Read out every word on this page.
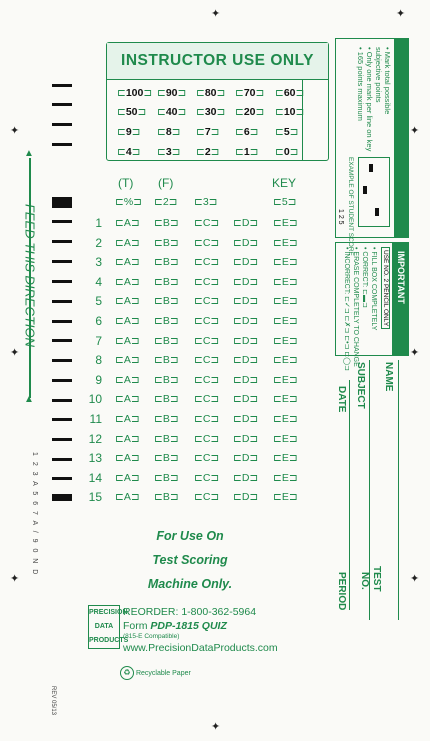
✦
✦
✦
✦
✦
✦
✦
✦
✦
▲
▲
FEED THIS DIRECTION
1 2 3 A 5 6 7 A / 9 0 N D
INSTRUCTOR USE ONLY
⊏100⊐ ⊏90⊐ ⊏80⊐ ⊏70⊐ ⊏60⊐
⊏50⊐ ⊏40⊐ ⊏30⊐ ⊏20⊐ ⊏10⊐
⊏9⊐ ⊏8⊐ ⊏7⊐ ⊏6⊐ ⊏5⊐
⊏4⊐ ⊏3⊐ ⊏2⊐ ⊏1⊐ ⊏0⊐
• Mark total possible
subjective points
• Only one mark per line on key
• 165 points maximum
EXAMPLE OF STUDENT SCORE
1 2 5
IMPORTANT
USE NO. 2 PENCIL ONLY
• FILL BOX COMPLETELY
• CORRECT: ⊏▬⊐
• ERASE COMPLETELY TO CHANGE
• INCORRECT: ⊏✓⊐ ⊏✗⊐ ⊏•⊐ ⊏◯⊐
NAME
SUBJECT
DATE
TEST
NO.
PERIOD
(T) (F)	KEY
⊏%⊐ ⊏2⊐ ⊏3⊐	⊏5⊐
1 ⊏A⊐ ⊏B⊐ ⊏C⊐ ⊏D⊐ ⊏E⊐
2 ⊏A⊐ ⊏B⊐ ⊏C⊐ ⊏D⊐ ⊏E⊐
3 ⊏A⊐ ⊏B⊐ ⊏C⊐ ⊏D⊐ ⊏E⊐
4 ⊏A⊐ ⊏B⊐ ⊏C⊐ ⊏D⊐ ⊏E⊐
5 ⊏A⊐ ⊏B⊐ ⊏C⊐ ⊏D⊐ ⊏E⊐
6 ⊏A⊐ ⊏B⊐ ⊏C⊐ ⊏D⊐ ⊏E⊐
7 ⊏A⊐ ⊏B⊐ ⊏C⊐ ⊏D⊐ ⊏E⊐
8 ⊏A⊐ ⊏B⊐ ⊏C⊐ ⊏D⊐ ⊏E⊐
9 ⊏A⊐ ⊏B⊐ ⊏C⊐ ⊏D⊐ ⊏E⊐
10 ⊏A⊐ ⊏B⊐ ⊏C⊐ ⊏D⊐ ⊏E⊐
11 ⊏A⊐ ⊏B⊐ ⊏C⊐ ⊏D⊐ ⊏E⊐
12 ⊏A⊐ ⊏B⊐ ⊏C⊐ ⊏D⊐ ⊏E⊐
13 ⊏A⊐ ⊏B⊐ ⊏C⊐ ⊏D⊐ ⊏E⊐
14 ⊏A⊐ ⊏B⊐ ⊏C⊐ ⊏D⊐ ⊏E⊐
15 ⊏A⊐ ⊏B⊐ ⊏C⊐ ⊏D⊐ ⊏E⊐
For Use On
Test Scoring
Machine Only.
PRECISION
DATA
PRODUCTS
REORDER: 1-800-362-5964
Form PDP-1815 QUIZ
(815-E Compatible)
www.PrecisionDataProducts.com
♻ Recyclable Paper
REV 05/13
